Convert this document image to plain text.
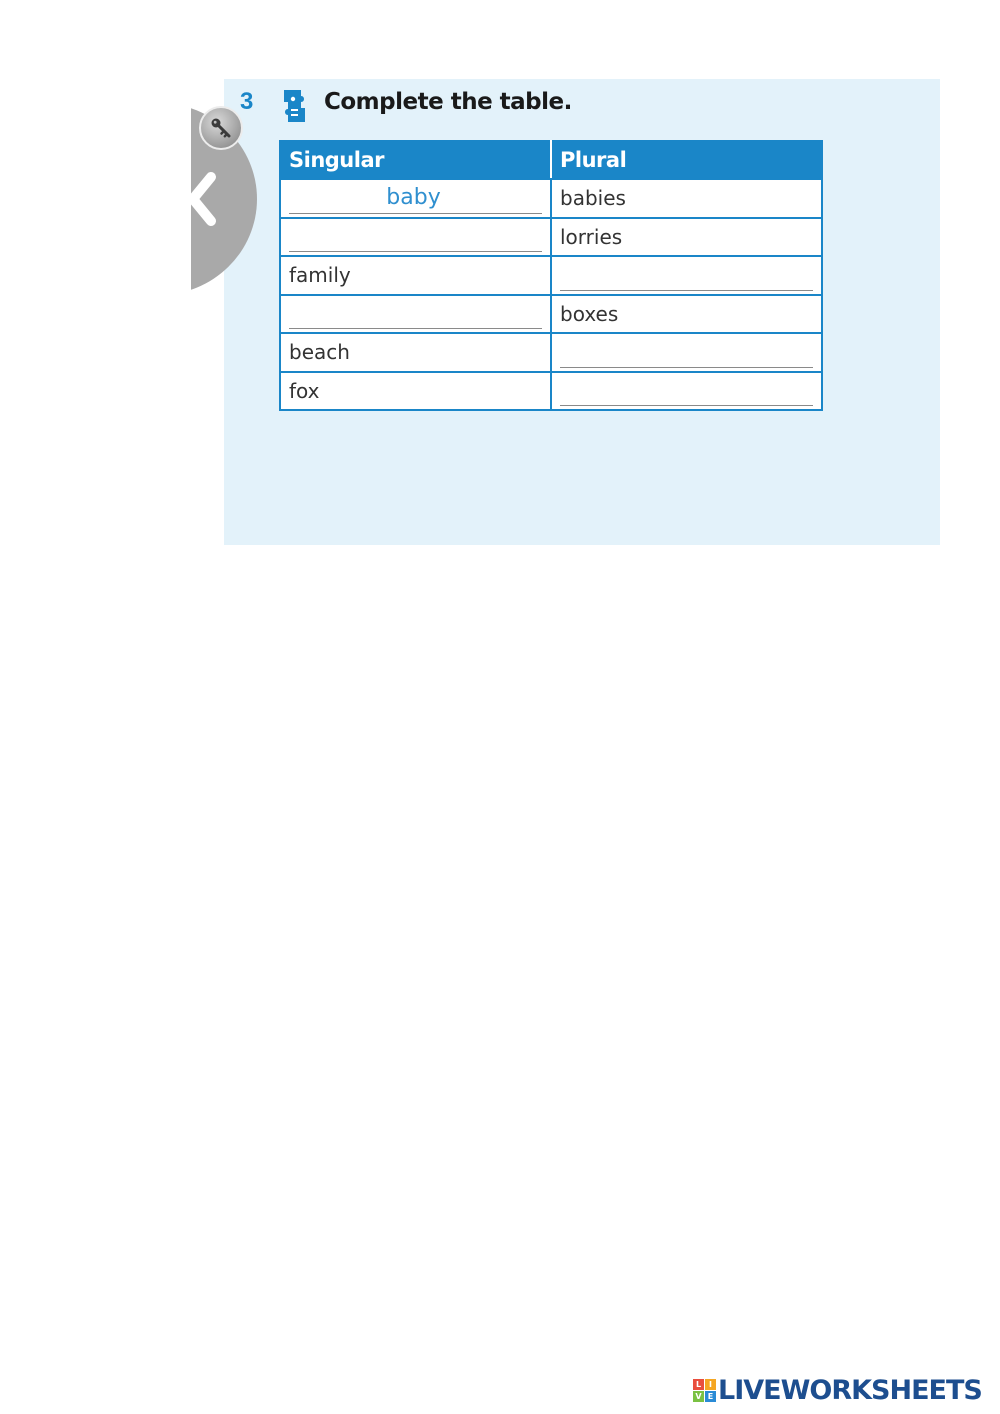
3	Complete the table.
Singular	Plural

baby	babies

	lorries
family	

	boxes
beach	

fox	
L I
V E LIVEWORKSHEETS
